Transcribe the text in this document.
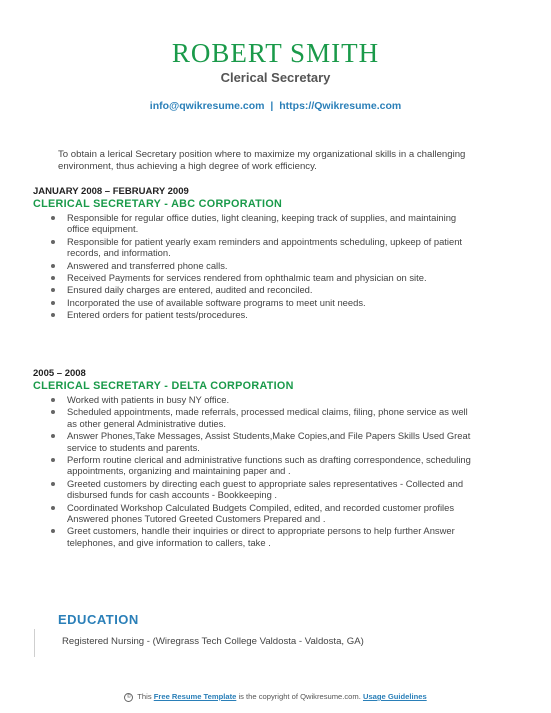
ROBERT SMITH
Clerical Secretary
info@qwikresume.com | https://Qwikresume.com
To obtain a lerical Secretary position where to maximize my organizational skills in a challenging environment, thus achieving a high degree of work efficiency.
JANUARY 2008 – FEBRUARY 2009
CLERICAL SECRETARY - ABC CORPORATION
Responsible for regular office duties, light cleaning, keeping track of supplies, and maintaining office equipment.
Responsible for patient yearly exam reminders and appointments scheduling, upkeep of patient records, and information.
Answered and transferred phone calls.
Received Payments for services rendered from ophthalmic team and physician on site.
Ensured daily charges are entered, audited and reconciled.
Incorporated the use of available software programs to meet unit needs.
Entered orders for patient tests/procedures.
2005 – 2008
CLERICAL SECRETARY - DELTA CORPORATION
Worked with patients in busy NY office.
Scheduled appointments, made referrals, processed medical claims, filing, phone service as well as other general Administrative duties.
Answer Phones,Take Messages, Assist Students,Make Copies,and File Papers Skills Used Great service to students and parents.
Perform routine clerical and administrative functions such as drafting correspondence, scheduling appointments, organizing and maintaining paper and .
Greeted customers by directing each guest to appropriate sales representatives - Collected and disbursed funds for cash accounts - Bookkeeping .
Coordinated Workshop Calculated Budgets Compiled, edited, and recorded customer profiles Answered phones Tutored Greeted Customers Prepared and .
Greet customers, handle their inquiries or direct to appropriate persons to help further Answer telephones, and give information to callers, take .
EDUCATION
Registered Nursing - (Wiregrass Tech College Valdosta - Valdosta, GA)
© This Free Resume Template is the copyright of Qwikresume.com. Usage Guidelines
